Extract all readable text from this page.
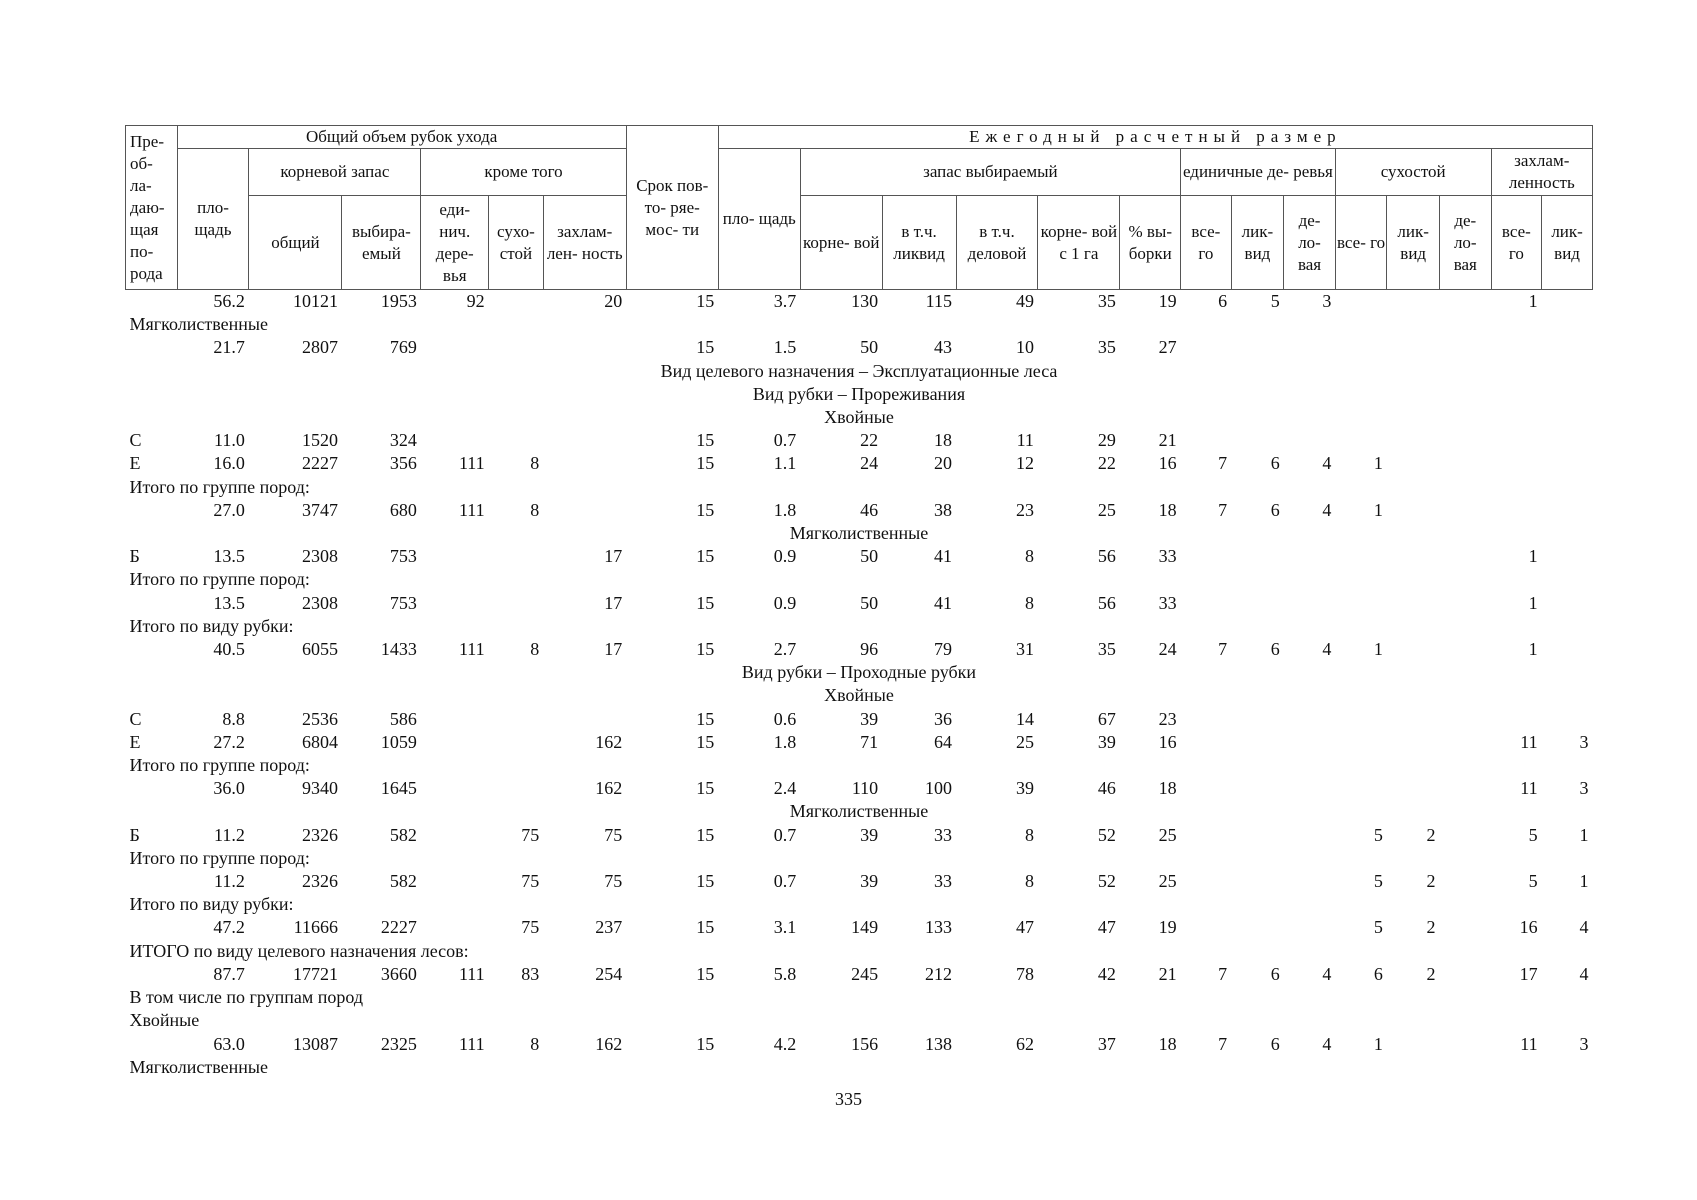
Пре- об- ла- даю- щая по- рода	Общий объем рубок ухода						Срок пов- то- ряе- мос- ти	Ежегодный расчетный размер													
	пло- щадь	корневой запас		кроме того				пло- щадь	запас выбираемый					единичные де- ревья			сухостой			захлам- ленность	
		общий	выбира- емый	еди- нич. дере- вья	сухо- стой	захлам- лен- ность			корне- вой	в т.ч. ликвид	в т.ч. деловой	корне- вой с 1 га	% вы- борки	все- го	лик- вид	де- ло- вая	все- го	лик- вид	де- ло- вая	все- го	лик- вид
	56.2	10121	1953	92		20	15	3.7	130	115	49	35	19	6	5	3				1	
Мягколиственные																					
	21.7	2807	769				15	1.5	50	43	10	35	27								
Вид целевого назначения – Эксплуатационные леса																					
Вид рубки – Прореживания																					
Хвойные																					
С	11.0	1520	324				15	0.7	22	18	11	29	21								
Е	16.0	2227	356	111	8		15	1.1	24	20	12	22	16	7	6	4	1				
Итого по группе пород:																					
	27.0	3747	680	111	8		15	1.8	46	38	23	25	18	7	6	4	1				
Мягколиственные																					
Б	13.5	2308	753			17	15	0.9	50	41	8	56	33							1	
Итого по группе пород:																					
	13.5	2308	753			17	15	0.9	50	41	8	56	33							1	
Итого по виду рубки:																					
	40.5	6055	1433	111	8	17	15	2.7	96	79	31	35	24	7	6	4	1			1	
Вид рубки – Проходные рубки																					
Хвойные																					
С	8.8	2536	586				15	0.6	39	36	14	67	23								
Е	27.2	6804	1059			162	15	1.8	71	64	25	39	16							11	3
Итого по группе пород:																					
	36.0	9340	1645			162	15	2.4	110	100	39	46	18							11	3
Мягколиственные																					
Б	11.2	2326	582		75	75	15	0.7	39	33	8	52	25				5	2		5	1
Итого по группе пород:																					
	11.2	2326	582		75	75	15	0.7	39	33	8	52	25				5	2		5	1
Итого по виду рубки:																					
	47.2	11666	2227		75	237	15	3.1	149	133	47	47	19				5	2		16	4
ИТОГО по виду целевого назначения лесов:																					
	87.7	17721	3660	111	83	254	15	5.8	245	212	78	42	21	7	6	4	6	2		17	4
В том числе по группам пород																					
Хвойные																					
	63.0	13087	2325	111	8	162	15	4.2	156	138	62	37	18	7	6	4	1			11	3
Мягколиственные																					
335
